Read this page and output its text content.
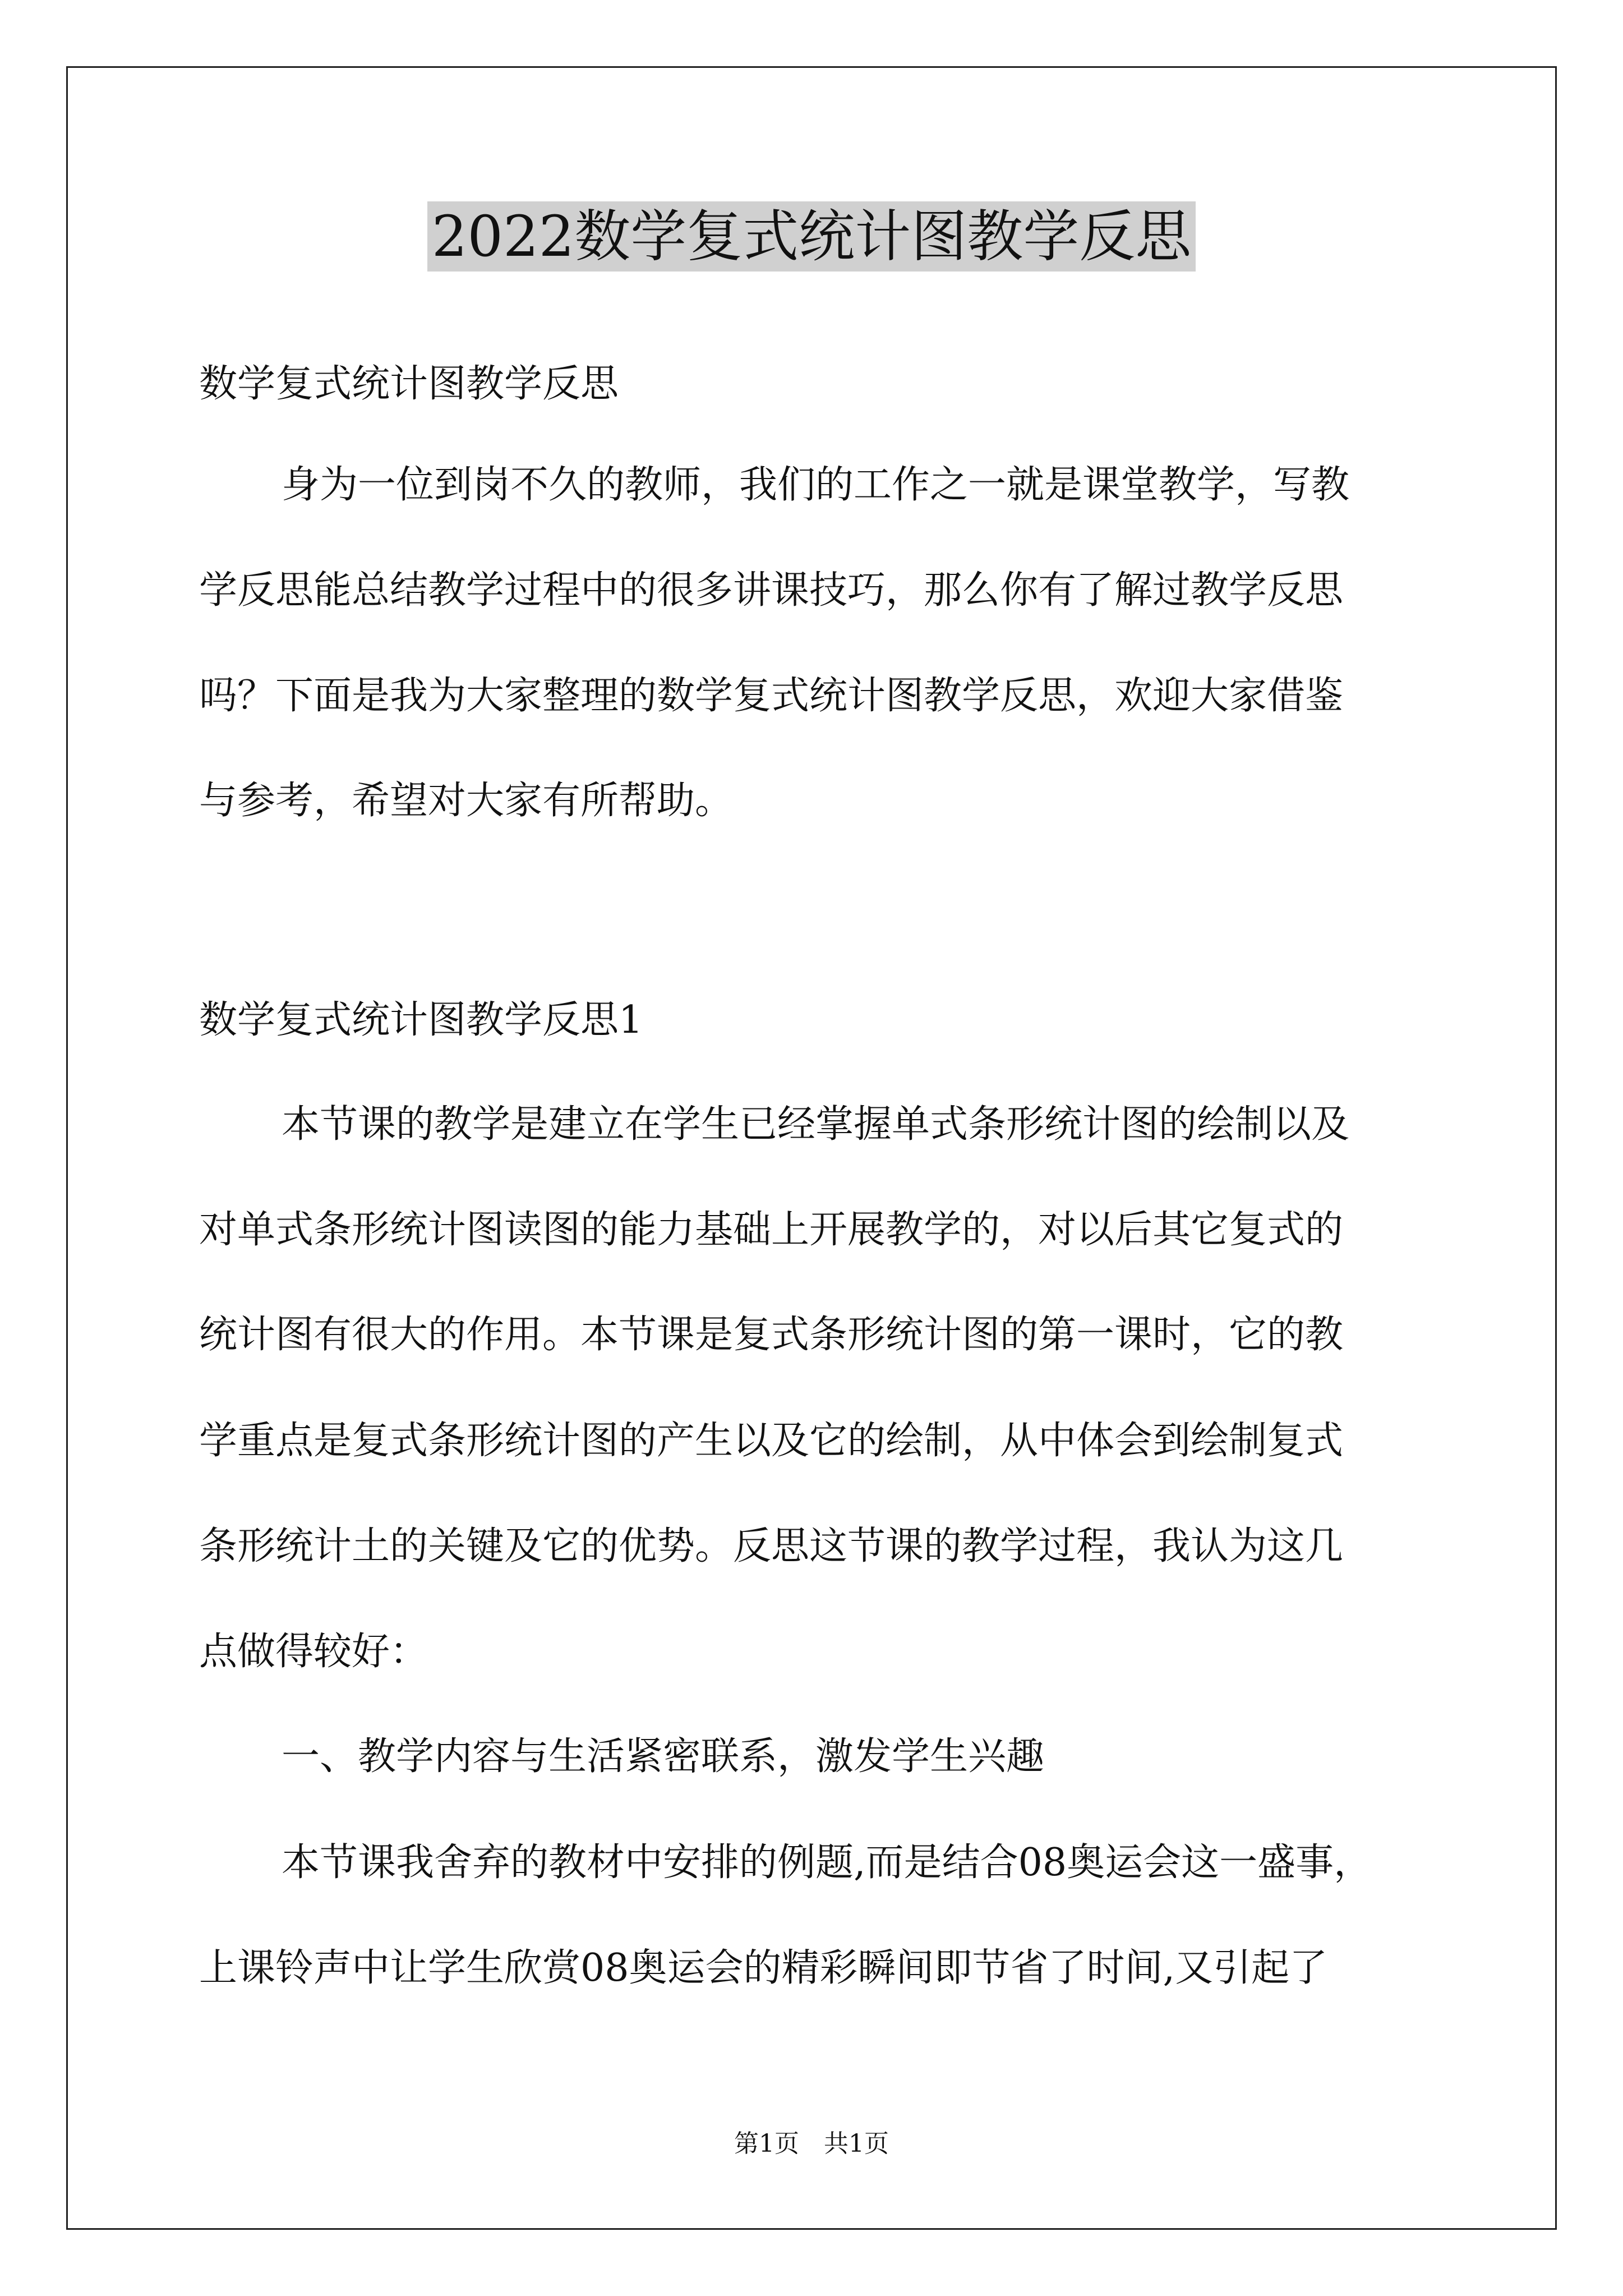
2022数学复式统计图教学反思
数学复式统计图教学反思
身为一位到岗不久的教师，我们的工作之一就是课堂教学，写教
学反思能总结教学过程中的很多讲课技巧，那么你有了解过教学反思
吗？下面是我为大家整理的数学复式统计图教学反思，欢迎大家借鉴
与参考，希望对大家有所帮助。
数学复式统计图教学反思1
本节课的教学是建立在学生已经掌握单式条形统计图的绘制以及
对单式条形统计图读图的能力基础上开展教学的，对以后其它复式的
统计图有很大的作用。本节课是复式条形统计图的第一课时，它的教
学重点是复式条形统计图的产生以及它的绘制，从中体会到绘制复式
条形统计土的关键及它的优势。反思这节课的教学过程，我认为这几
点做得较好：
一、教学内容与生活紧密联系，激发学生兴趣
本节课我舍弃的教材中安排的例题,而是结合08奥运会这一盛事，
上课铃声中让学生欣赏08奥运会的精彩瞬间即节省了时间,又引起了
第1页　共1页
